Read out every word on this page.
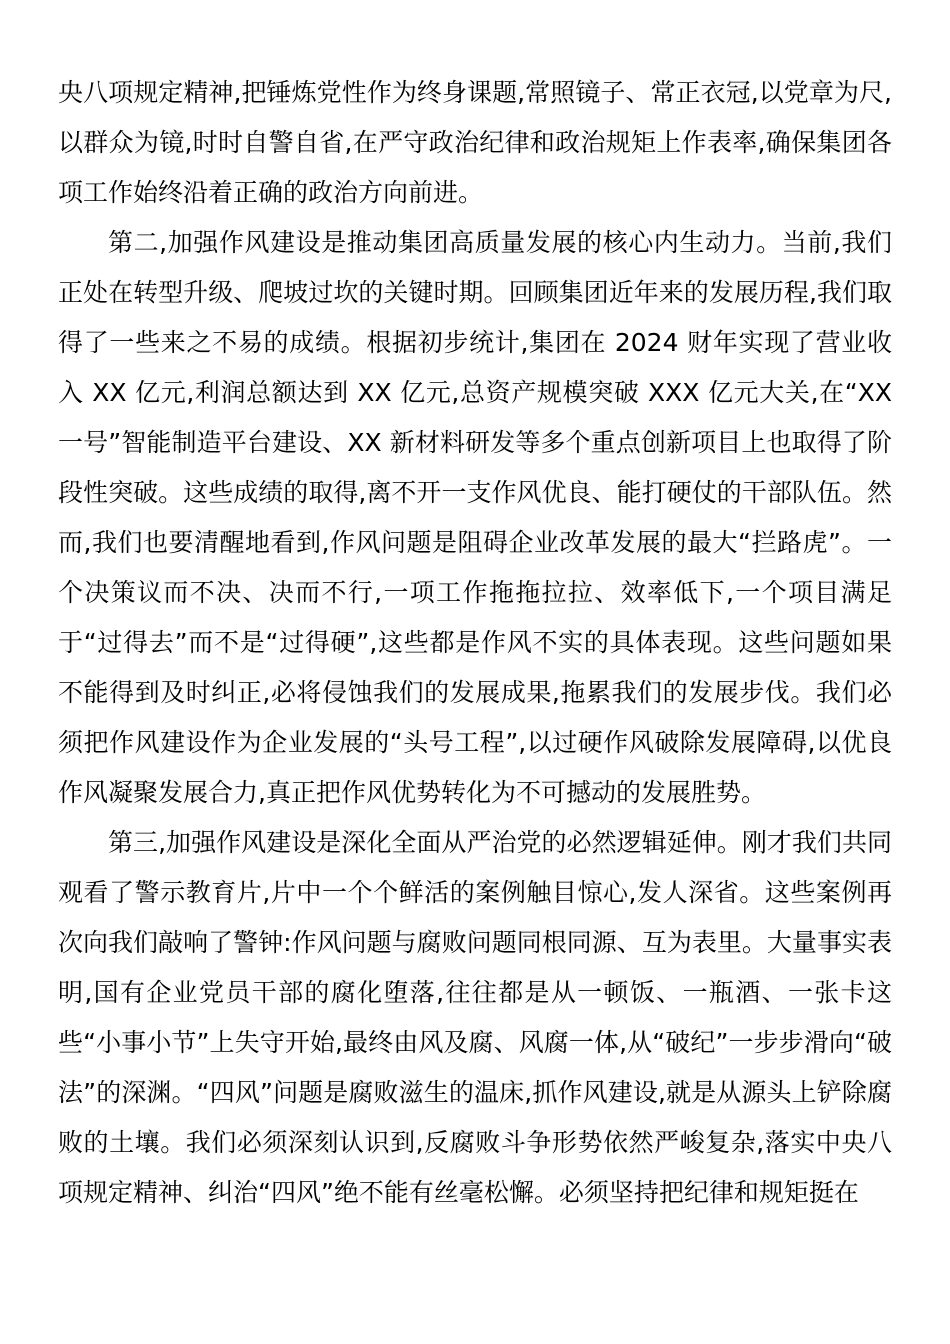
央八项规定精神,把锤炼党性作为终身课题,常照镜子、常正衣冠,以党章为尺,以群众为镜,时时自警自省,在严守政治纪律和政治规矩上作表率,确保集团各项工作始终沿着正确的政治方向前进。

第二,加强作风建设是推动集团高质量发展的核心内生动力。当前,我们正处在转型升级、爬坡过坎的关键时期。回顾集团近年来的发展历程,我们取得了一些来之不易的成绩。根据初步统计,集团在 2024 财年实现了营业收入 XX 亿元,利润总额达到 XX 亿元,总资产规模突破 XXX 亿元大关,在“XX 一号”智能制造平台建设、XX 新材料研发等多个重点创新项目上也取得了阶段性突破。这些成绩的取得,离不开一支作风优良、能打硬仗的干部队伍。然而,我们也要清醒地看到,作风问题是阻碍企业改革发展的最大“拦路虎”。一个决策议而不决、决而不行,一项工作拖拖拉拉、效率低下,一个项目满足于“过得去”而不是“过得硬”,这些都是作风不实的具体表现。这些问题如果不能得到及时纠正,必将侵蚀我们的发展成果,拖累我们的发展步伐。我们必须把作风建设作为企业发展的“头号工程”,以过硬作风破除发展障碍,以优良作风凝聚发展合力,真正把作风优势转化为不可撼动的发展胜势。

第三,加强作风建设是深化全面从严治党的必然逻辑延伸。刚才我们共同观看了警示教育片,片中一个个鲜活的案例触目惊心,发人深省。这些案例再次向我们敲响了警钟:作风问题与腐败问题同根同源、互为表里。大量事实表明,国有企业党员干部的腐化堕落,往往都是从一顿饭、一瓶酒、一张卡这些“小事小节”上失守开始,最终由风及腐、风腐一体,从“破纪”一步步滑向“破法”的深渊。“四风”问题是腐败滋生的温床,抓作风建设,就是从源头上铲除腐败的土壤。我们必须深刻认识到,反腐败斗争形势依然严峻复杂,落实中央八项规定精神、纠治“四风”绝不能有丝毫松懈。必须坚持把纪律和规矩挺在
